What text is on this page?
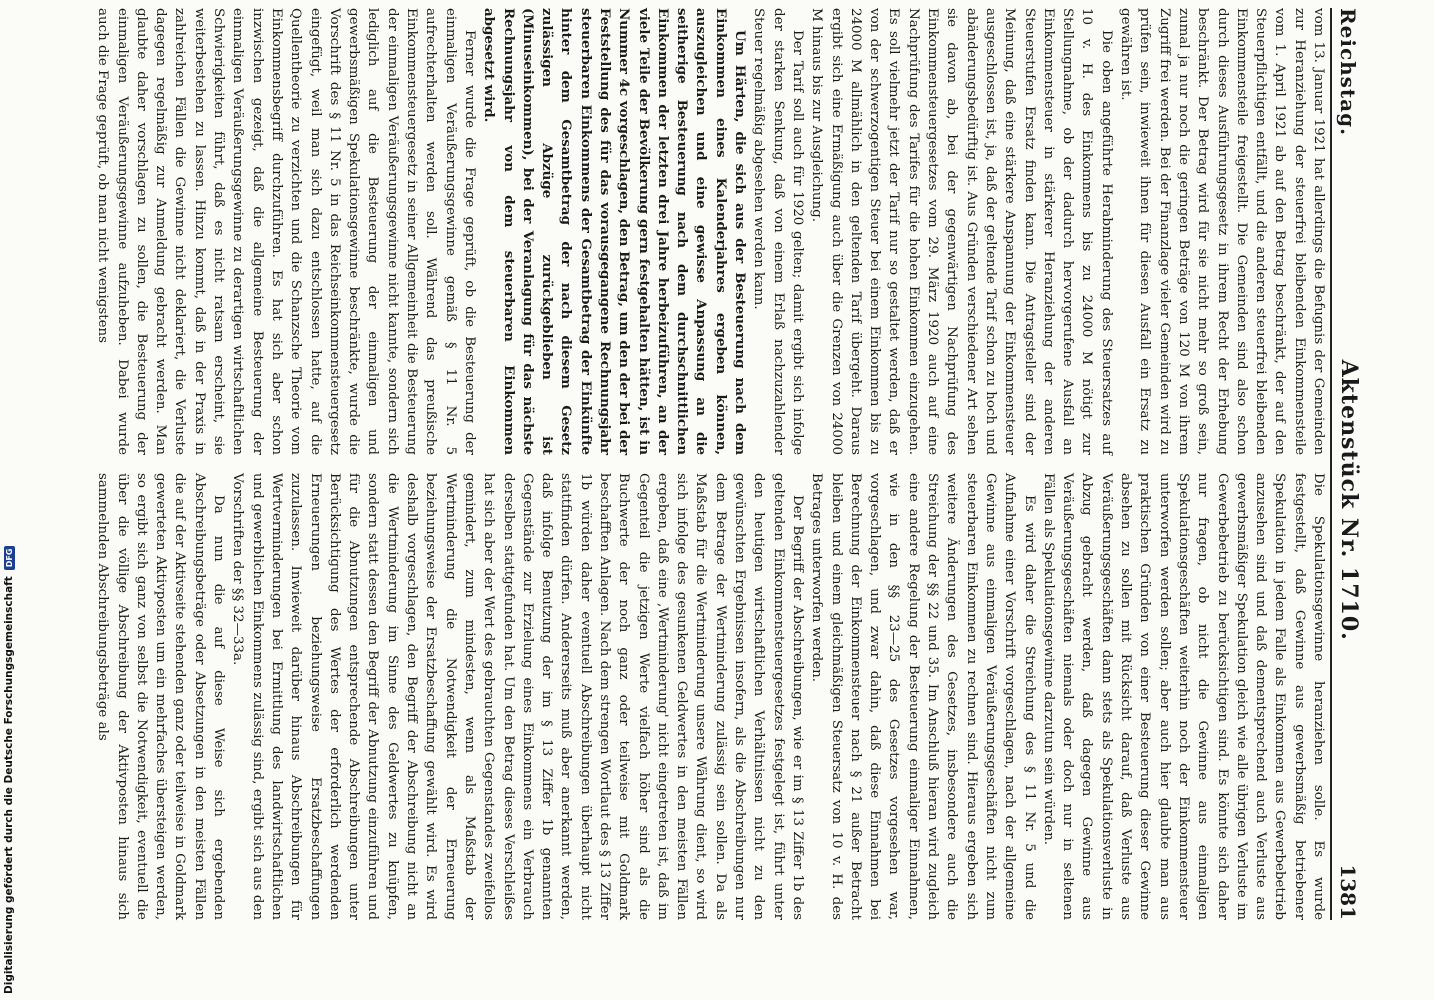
Reichstag.
Aktenstück Nr. 1710.
1381

vom 13. Januar 1921 hat allerdings die Befugnis der Gemeinden zur Heranziehung der steuerfrei bleibenden Einkommensteile vom 1. April 1921 ab auf den Betrag beschränkt, der auf den Steuerpflichtigen entfällt, und die anderen steuerfrei bleibenden Einkommensteile freigestellt. Die Gemeinden sind also schon durch dieses Ausführungsgesetz in ihrem Recht der Erhebung beschränkt. Der Betrag wird für sie nicht mehr so groß sein, zumal ja nur noch die geringen Beträge von 120 M von ihrem Zugriff frei werden. Bei der Finanzlage vieler Gemeinden wird zu prüfen sein, inwieweit ihnen für diesen Ausfall ein Ersatz zu gewähren ist.

Die oben angeführte Herabminderung des Steuersatzes auf 10 v. H. des Einkommens bis zu 24000 M nötigt zur Stellungnahme, ob der dadurch hervorgerufene Ausfall an Einkommensteuer in stärkerer Heranziehung der anderen Steuerstufen Ersatz finden kann. Die Antragsteller sind der Meinung, daß eine stärkere Anspannung der Einkommensteuer ausgeschlossen ist, ja, daß der geltende Tarif schon zu hoch und abänderungsbedürftig ist. Aus Gründen verschiedener Art sehen sie davon ab, bei der gegenwärtigen Nachprüfung des Einkommensteuergesetzes vom 29. März 1920 auch auf eine Nachprüfung des Tarifes für die hohen Einkommen einzugehen. Es soll vielmehr jetzt der Tarif nur so gestaltet werden, daß er von der schwerzogentigen Steuer bei einem Einkommen bis zu 24000 M allmählich in den geltenden Tarif übergeht. Daraus ergibt sich eine Ermäßigung auch über die Grenzen von 24000 M hinaus bis zur Ausgleichung.

Der Tarif soll auch für 1920 gelten; damit ergibt sich infolge der starken Senkung, daß von einem Erlaß nachzuzahlender Steuer regelmäßig abgesehen werden kann.

Um Härten, die sich aus der Besteuerung nach dem Einkommen eines Kalenderjahres ergeben können, auszugleichen und eine gewisse Anpassung an die seitherige Besteuerung nach dem durchschnittlichen Einkommen der letzten drei Jahre herbeizuführen, an der viele Teile der Bevölkerung gern festgehalten hätten, ist in Nummer 4c vorgeschlagen, den Betrag, um den der bei der Feststellung des für das vorausgegangene Rechnungsjahr steuerbaren Einkommens der Gesamtbetrag der Einkünfte hinter dem Gesamtbetrag der nach diesem Gesetz zulässigen Abzüge zurückgeblieben ist (Minuseinkommen), bei der Veranlagung für das nächste Rechnungsjahr von dem steuerbaren Einkommen abgesetzt wird.

Ferner wurde die Frage geprüft, ob die Besteuerung der einmaligen Veräußerungsgewinne gemäß § 11 Nr. 5 aufrechterhalten werden soll. Während das preußische Einkommensteuergesetz in seiner Allgemeinheit die Besteuerung der einmaligen Veräußerungsgewinne nicht kannte, sondern sich lediglich auf die Besteuerung der einmaligen und gewerbsmäßigen Spekulationsgewinne beschränkte, wurde die Vorschrift des § 11 Nr. 5 in das Reichseinkommensteuergesetz eingefügt, weil man sich dazu entschlossen hatte, auf die Quellentheorie zu verzichten und die Schanzsche Theorie vom Einkommensbegriff durchzuführen. Es hat sich aber schon inzwischen gezeigt, daß die allgemeine Besteuerung der einmaligen Veräußerungsgewinne zu derartigen wirtschaftlichen Schwierigkeiten führt, daß es nicht ratsam erscheint, sie weiterbestehen zu lassen. Hinzu kommt, daß in der Praxis in zahlreichen Fällen die Gewinne nicht deklariert, die Verluste dagegen regelmäßig zur Anmeldung gebracht werden. Man glaubte daher vorschlagen zu sollen, die Besteuerung der einmaligen Veräußerungsgewinne aufzuheben. Dabei wurde auch die Frage geprüft, ob man nicht wenigstens

Die Spekulationsgewinne heranziehen solle. Es wurde festgestellt, daß Gewinne aus gewerbsmäßig betriebener Spekulation in jedem Falle als Einkommen aus Gewerbebetrieb anzusehen sind und daß dementsprechend auch Verluste aus gewerbsmäßiger Spekulation gleich wie alle übrigen Verluste im Gewerbebetrieb zu berücksichtigen sind. Es könnte sich daher nur fragen, ob nicht die Gewinne aus einmaligen Spekulationsgeschäften weiterhin noch der Einkommensteuer unterworfen werden sollen; aber auch hier glaubte man aus praktischen Gründen von einer Besteuerung dieser Gewinne absehen zu sollen mit Rücksicht darauf, daß Verluste aus Veräußerungsgeschäften dann stets als Spekulationsverluste in Abzug gebracht werden, daß dagegen Gewinne aus Veräußerungsgeschäften niemals oder doch nur in seltenen Fällen als Spekulationsgewinne darzutun sein würden.

Es wird daher die Streichung des § 11 Nr. 5 und die Aufnahme einer Vorschrift vorgeschlagen, nach der allgemeine Gewinne aus einmaligen Veräußerungsgeschäften nicht zum steuerbaren Einkommen zu rechnen sind. Hieraus ergeben sich weitere Änderungen des Gesetzes, insbesondere auch die Streichung der §§ 22 und 35. Im Anschluß hieran wird zugleich eine andere Regelung der Besteuerung einmaliger Einnahmen, wie in den §§ 23—25 des Gesetzes vorgesehen war, vorgeschlagen, und zwar dahin, daß diese Einnahmen bei Berechnung der Einkommensteuer nach § 21 außer Betracht bleiben und einem gleichmäßigen Steuersatz von 10 v. H. des Betrages unterworfen werden.

Der Begriff der Abschreibungen, wie er im § 13 Ziffer 1b des geltenden Einkommensteuergesetzes festgelegt ist, führt unter den heutigen wirtschaftlichen Verhältnissen nicht zu den gewünschten Ergebnissen insofern, als die Abschreibungen nur dem Betrage der Wertminderung zulässig sein sollen. Da als Maßstab für die Wertminderung unsere Währung dient, so wird sich infolge des gesunkenen Geldwertes in den meisten Fällen ergeben, daß eine ‚Wertminderung' nicht eingetreten ist, daß im Gegenteil die jetzigen Werte vielfach höher sind als die Buchwerte der noch ganz oder teilweise mit Goldmark beschafften Anlagen. Nach dem strengen Wortlaut des § 13 Ziffer 1b würden daher eventuell Abschreibungen überhaupt nicht stattfinden dürfen. Andererseits muß aber anerkannt werden, daß infolge Benutzung der im § 13 Ziffer 1b genannten Gegenstände zur Erzielung eines Einkommens ein Verbrauch derselben stattgefunden hat. Um den Betrag dieses Verschleißes hat sich aber der Wert des gebrauchten Gegenstandes zweifellos gemindert, zum mindesten, wenn als Maßstab der Wertminderung die Notwendigkeit der Erneuerung beziehungsweise der Ersatzbeschaffung gewählt wird. Es wird deshalb vorgeschlagen, den Begriff der Abschreibung nicht an die Wertminderung im Sinne des Geldwertes zu knüpfen, sondern statt dessen den Begriff der Abnutzung einzuführen und für die Abnutzungen entsprechende Abschreibungen unter Berücksichtigung des Wertes der erforderlich werdenden Erneuerungen beziehungsweise Ersatzbeschaffungen zuzulassen. Inwieweit darüber hinaus Abschreibungen für Wertverminderungen bei Ermittlung des landwirtschaftlichen und gewerblichen Einkommens zulässig sind, ergibt sich aus den Vorschriften der §§ 32—33a.

Da nun die auf diese Weise sich ergebenden Abschreibungsbeträge oder Absetzungen in den meisten Fällen die auf der Aktivseite stehenden ganz oder teilweise in Goldmark gewerteten Aktivposten um ein mehrfaches übersteigen werden, so ergibt sich ganz von selbst die Notwendigkeit, eventuell die über die völlige Abschreibung der Aktivposten hinaus sich sammelnden Abschreibungsbeträge als

Digitalisierung gefördert durch die Deutsche Forschungsgemeinschaft
DFG
